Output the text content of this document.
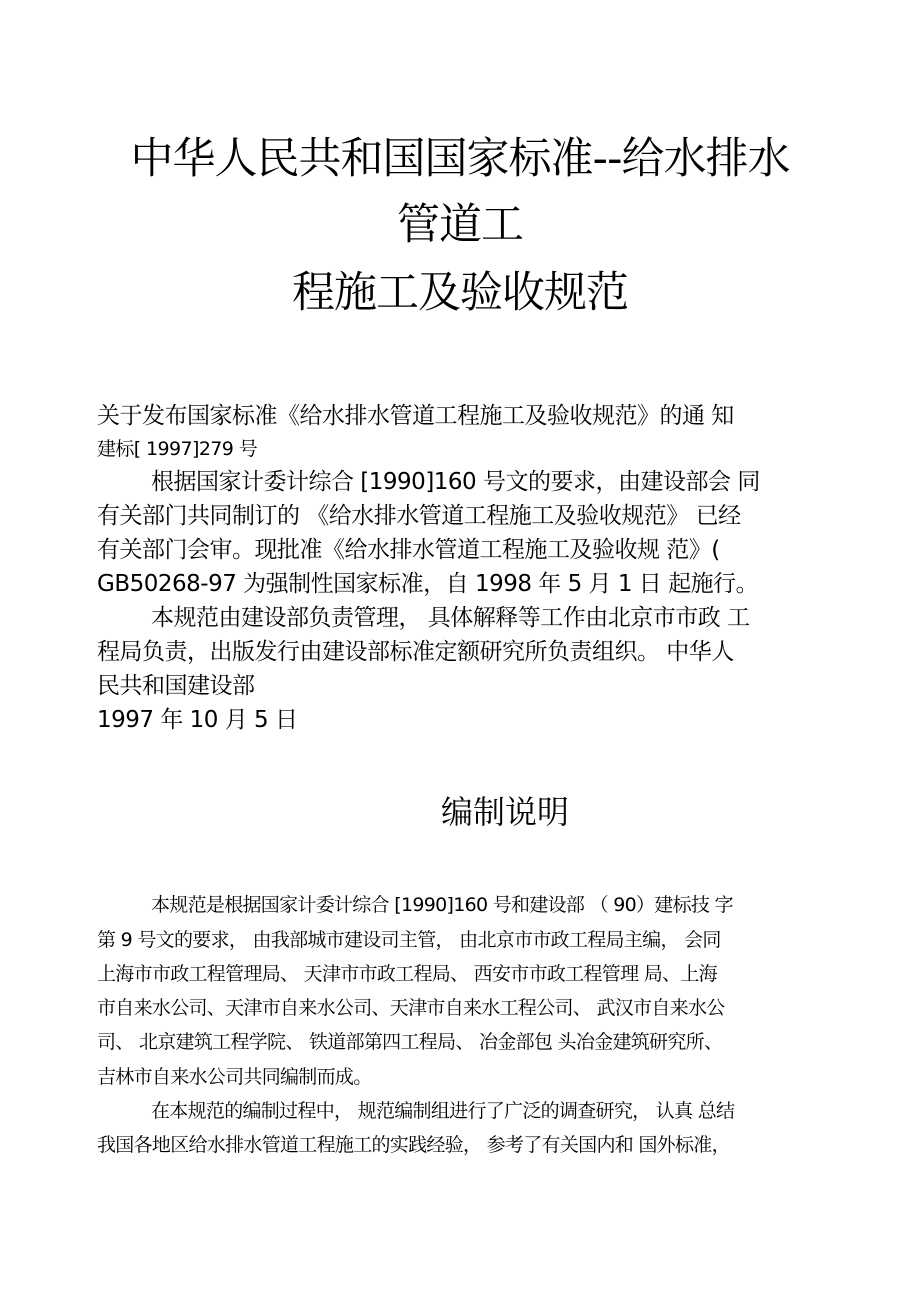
中华人民共和国国家标准--给水排水
管道工
程施工及验收规范
关于发布国家标准《给水排水管道工程施工及验收规范》的通 知
建标[ 1997]279 号
根据国家计委计综合 [1990]160 号文的要求，由建设部会 同
有关部门共同制订的 《给水排水管道工程施工及验收规范》 已经
有关部门会审。现批准《给水排水管道工程施工及验收规 范》(
GB50268-97 为强制性国家标准，自 1998 年 5 月 1 日 起施行。
本规范由建设部负责管理， 具体解释等工作由北京市市政 工
程局负责，出版发行由建设部标准定额研究所负责组织。 中华人
民共和国建设部
1997 年 10 月 5 日
编制说明
本规范是根据国家计委计综合 [1990]160 号和建设部 （ 90）建标技 字
第 9 号文的要求， 由我部城市建设司主管， 由北京市市政工程局主编， 会同
上海市市政工程管理局、 天津市市政工程局、 西安市市政工程管理 局、上海
市自来水公司、天津市自来水公司、天津市自来水工程公司、 武汉市自来水公
司、 北京建筑工程学院、 铁道部第四工程局、 冶金部包 头冶金建筑研究所、
吉林市自来水公司共同编制而成。
在本规范的编制过程中， 规范编制组进行了广泛的调查研究， 认真 总结
我国各地区给水排水管道工程施工的实践经验， 参考了有关国内和 国外标准，
